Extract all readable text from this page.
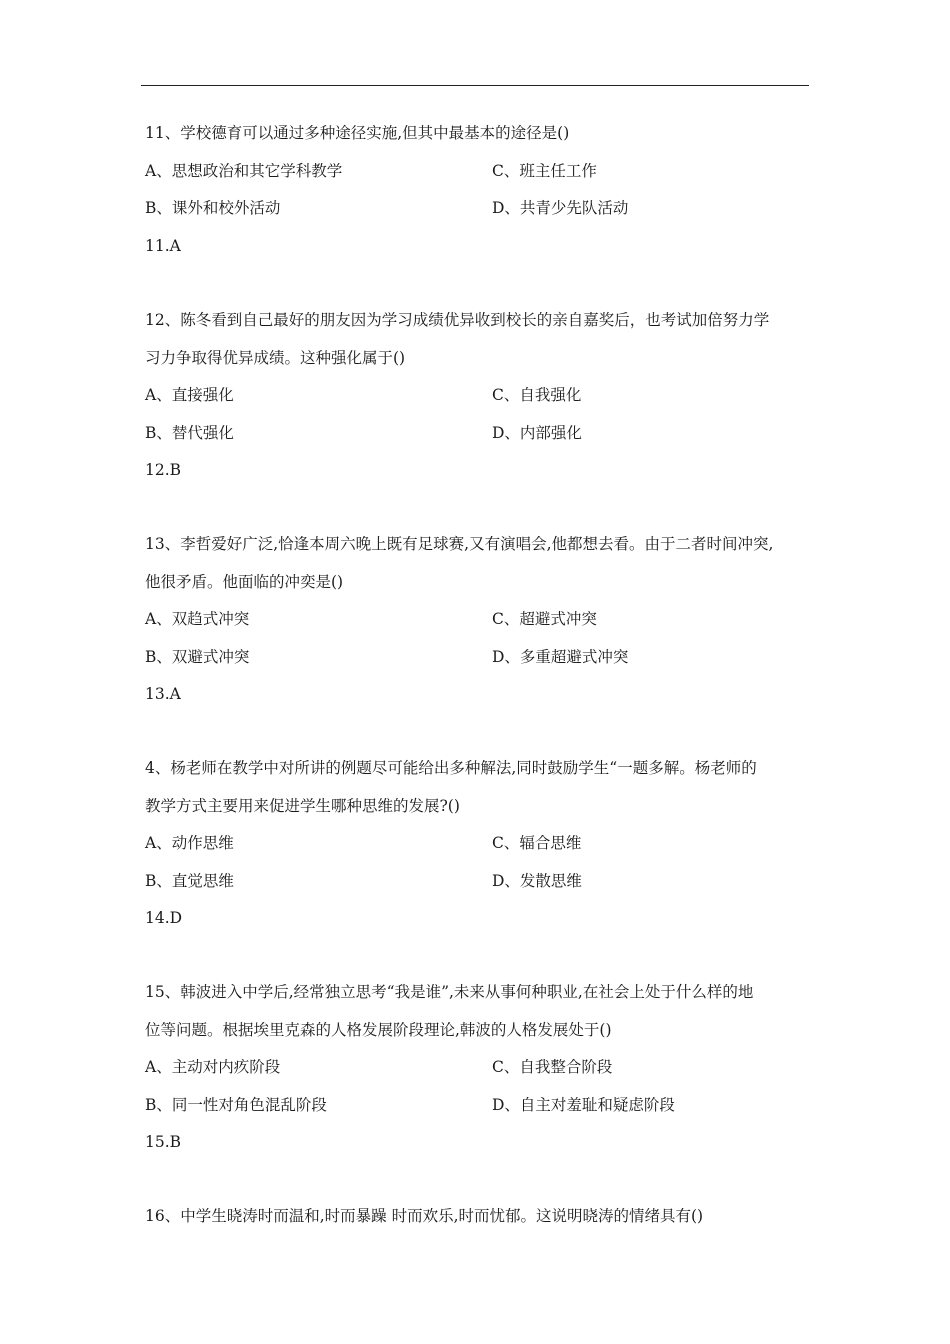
11、学校德育可以通过多种途径实施,但其中最基本的途径是()
A、思想政治和其它学科教学	C、班主任工作
B、课外和校外活动	D、共青少先队活动
11.A
12、陈冬看到自己最好的朋友因为学习成绩优异收到校长的亲自嘉奖后，也考试加倍努力学
习力争取得优异成绩。这种强化属于()
A、直接强化	C、自我强化
B、替代强化	D、内部强化
12.B
13、李哲爱好广泛,恰逢本周六晚上既有足球赛,又有演唱会,他都想去看。由于二者时间冲突,
他很矛盾。他面临的冲奕是()
A、双趋式冲突	C、超避式冲突
B、双避式冲突	D、多重超避式冲突
13.A
4、杨老师在教学中对所讲的例题尽可能给出多种解法,同时鼓励学生“一题多解。杨老师的
教学方式主要用来促进学生哪种思维的发展?()
A、动作思维	C、辐合思维
B、直觉思维	D、发散思维
14.D
15、韩波进入中学后,经常独立思考“我是谁”,未来从事何种职业,在社会上处于什么样的地
位等问题。根据埃里克森的人格发展阶段理论,韩波的人格发展处于()
A、主动对内疚阶段	C、自我整合阶段
B、同一性对角色混乱阶段	D、自主对羞耻和疑虑阶段
15.B
16、中学生晓涛时而温和,时而暴躁 时而欢乐,时而忧郁。这说明晓涛的情绪具有()
